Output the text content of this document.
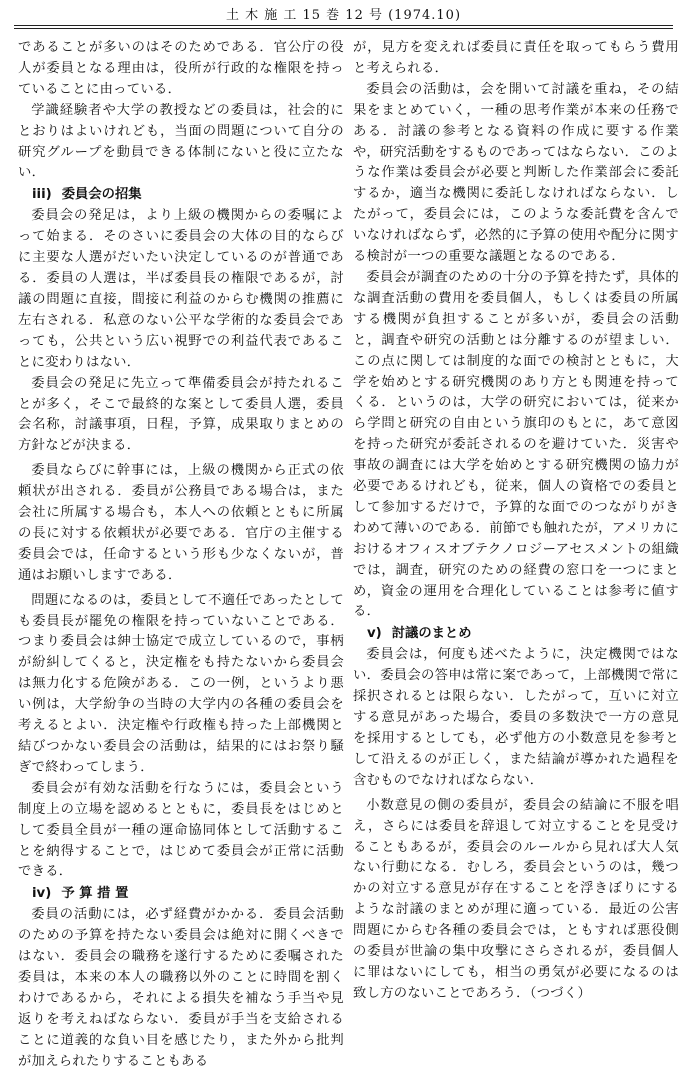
土 木 施 工 15 巻 12 号 (1974.10)

であることが多いのはそのためである．官公庁の役人が委員となる理由は，役所が行政的な権限を持っていることに由っている．

学識経験者や大学の教授などの委員は，社会的にとおりはよいけれども，当面の問題について自分の研究グループを動員できる体制にないと役に立たない．

iii) 委員会の招集

委員会の発足は，より上級の機関からの委嘱によって始まる．そのさいに委員会の大体の目的ならびに主要な人選がだいたい決定しているのが普通である．委員の人選は，半ば委員長の権限であるが，討議の問題に直接，間接に利益のからむ機関の推薦に左右される．私意のない公平な学術的な委員会であっても，公共という広い視野での利益代表であることに変わりはない．

委員会の発足に先立って準備委員会が持たれることが多く，そこで最終的な案として委員人選，委員会名称，討議事項，日程，予算，成果取りまとめの方針などが決まる．

委員ならびに幹事には，上級の機関から正式の依頼状が出される．委員が公務員である場合は，また会社に所属する場合も，本人への依頼とともに所属の長に対する依頼状が必要である．官庁の主催する委員会では，任命するという形も少なくないが，普通はお願いしますである．

問題になるのは，委員として不適任であったとしても委員長が罷免の権限を持っていないことである．つまり委員会は紳士協定で成立しているので，事柄が紛糾してくると，決定権をも持たないから委員会は無力化する危険がある．この一例，というより悪い例は，大学紛争の当時の大学内の各種の委員会を考えるとよい．決定権や行政権も持った上部機関と結びつかない委員会の活動は，結果的にはお祭り騒ぎで終わってしまう．

委員会が有効な活動を行なうには，委員会という制度上の立場を認めるとともに，委員長をはじめとして委員全員が一種の運命協同体として活動することを納得することで，はじめて委員会が正常に活動できる．

iv) 予 算 措 置

委員の活動には，必ず経費がかかる．委員会活動のための予算を持たない委員会は絶対に開くべきではない．委員会の職務を遂行するために委嘱された委員は，本来の本人の職務以外のことに時間を割くわけであるから，それによる損失を補なう手当や見返りを考えねばならない．委員が手当を支給されることに道義的な負い目を感じたり，また外から批判が加えられたりすることもある

が，見方を変えれば委員に責任を取ってもらう費用と考えられる．

委員会の活動は，会を開いて討議を重ね，その結果をまとめていく，一種の思考作業が本来の任務である．討議の参考となる資料の作成に要する作業や，研究活動をするものであってはならない．このような作業は委員会が必要と判断した作業部会に委託するか，適当な機関に委託しなければならない．したがって，委員会には，このような委託費を含んでいなければならず，必然的に予算の使用や配分に関する検討が一つの重要な議題となるのである．

委員会が調査のための十分の予算を持たず，具体的な調査活動の費用を委員個人，もしくは委員の所属する機関が負担することが多いが，委員会の活動と，調査や研究の活動とは分離するのが望ましい．この点に関しては制度的な面での検討とともに，大学を始めとする研究機関のあり方とも関連を持ってくる．というのは，大学の研究においては，従来から学問と研究の自由という旗印のもとに，あて意図を持った研究が委託されるのを避けていた．災害や事故の調査には大学を始めとする研究機関の協力が必要であるけれども，従来，個人の資格での委員として参加するだけで，予算的な面でのつながりがきわめて薄いのである．前節でも触れたが，アメリカにおけるオフィスオブテクノロジーアセスメントの組織では，調査，研究のための経費の窓口を一つにまとめ，資金の運用を合理化していることは参考に値する．

v) 討議のまとめ

委員会は，何度も述べたように，決定機関ではない．委員会の答申は常に案であって，上部機関で常に採択されるとは限らない．したがって，互いに対立する意見があった場合，委員の多数決で一方の意見を採用するとしても，必ず他方の小数意見を参考として沿えるのが正しく，また結論が導かれた過程を含むものでなければならない．

小数意見の側の委員が，委員会の結論に不服を唱え，さらには委員を辞退して対立することを見受けることもあるが，委員会のルールから見れば大人気ない行動になる．むしろ，委員会というのは，幾つかの対立する意見が存在することを浮きぼりにするような討議のまとめが理に適っている．最近の公害問題にからむ各種の委員会では，ともすれば悪役側の委員が世論の集中攻撃にさらされるが，委員個人に罪はないにしても，相当の勇気が必要になるのは致し方のないことであろう．（つづく）
